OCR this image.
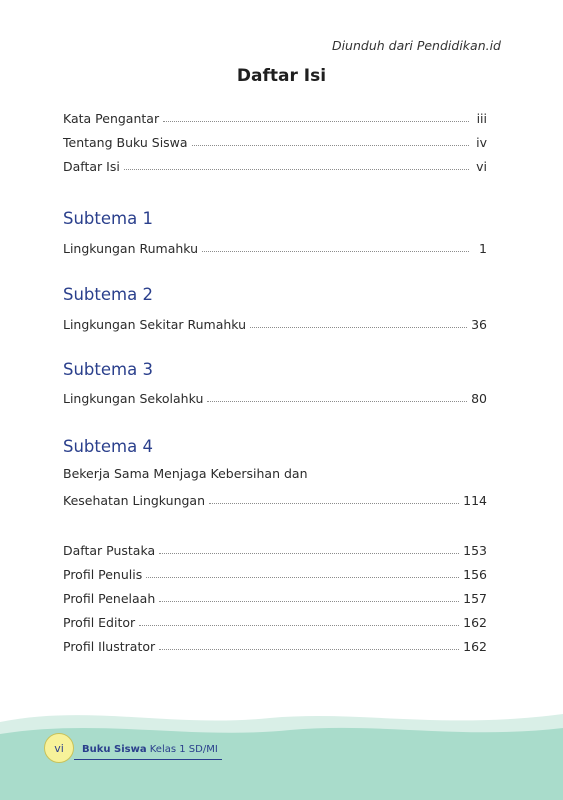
Diunduh dari Pendidikan.id
Daftar Isi
Kata Pengantar	iii
Tentang Buku Siswa	iv
Daftar Isi	vi
Subtema 1
Lingkungan Rumahku	1
Subtema 2
Lingkungan Sekitar Rumahku	36
Subtema 3
Lingkungan Sekolahku	80
Subtema 4
Bekerja Sama Menjaga Kebersihan dan
Kesehatan Lingkungan	114
Daftar Pustaka	153
Profil Penulis	156
Profil Penelaah	157
Profil Editor	162
Profil Ilustrator	162
vi	Buku Siswa Kelas 1 SD/MI
